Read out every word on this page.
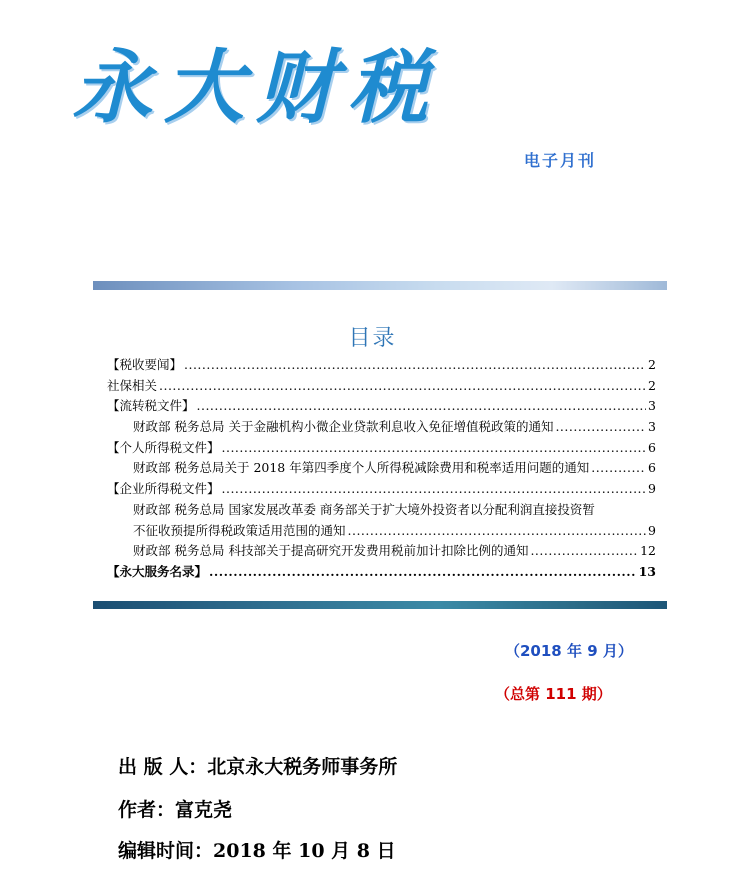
永大财税
电子月刊
目录
【税收要闻】 .....	2
社保相关 .....	2
【流转税文件】 .....	3
财政部 税务总局 关于金融机构小微企业贷款利息收入免征增值税政策的通知 .....	3
【个人所得税文件】 .....	6
财政部 税务总局关于 2018 年第四季度个人所得税减除费用和税率适用问题的通知 .....	6
【企业所得税文件】 .....	9
财政部 税务总局 国家发展改革委 商务部关于扩大境外投资者以分配利润直接投资暂
不征收预提所得税政策适用范围的通知 .....	9
财政部 税务总局 科技部关于提高研究开发费用税前加计扣除比例的通知 .....	12
【永大服务名录】 .....	13
（2018 年 9 月）
（总第 111 期）
出 版 人：北京永大税务师事务所
作者：富克尧
编辑时间：2018 年 10 月 8 日
